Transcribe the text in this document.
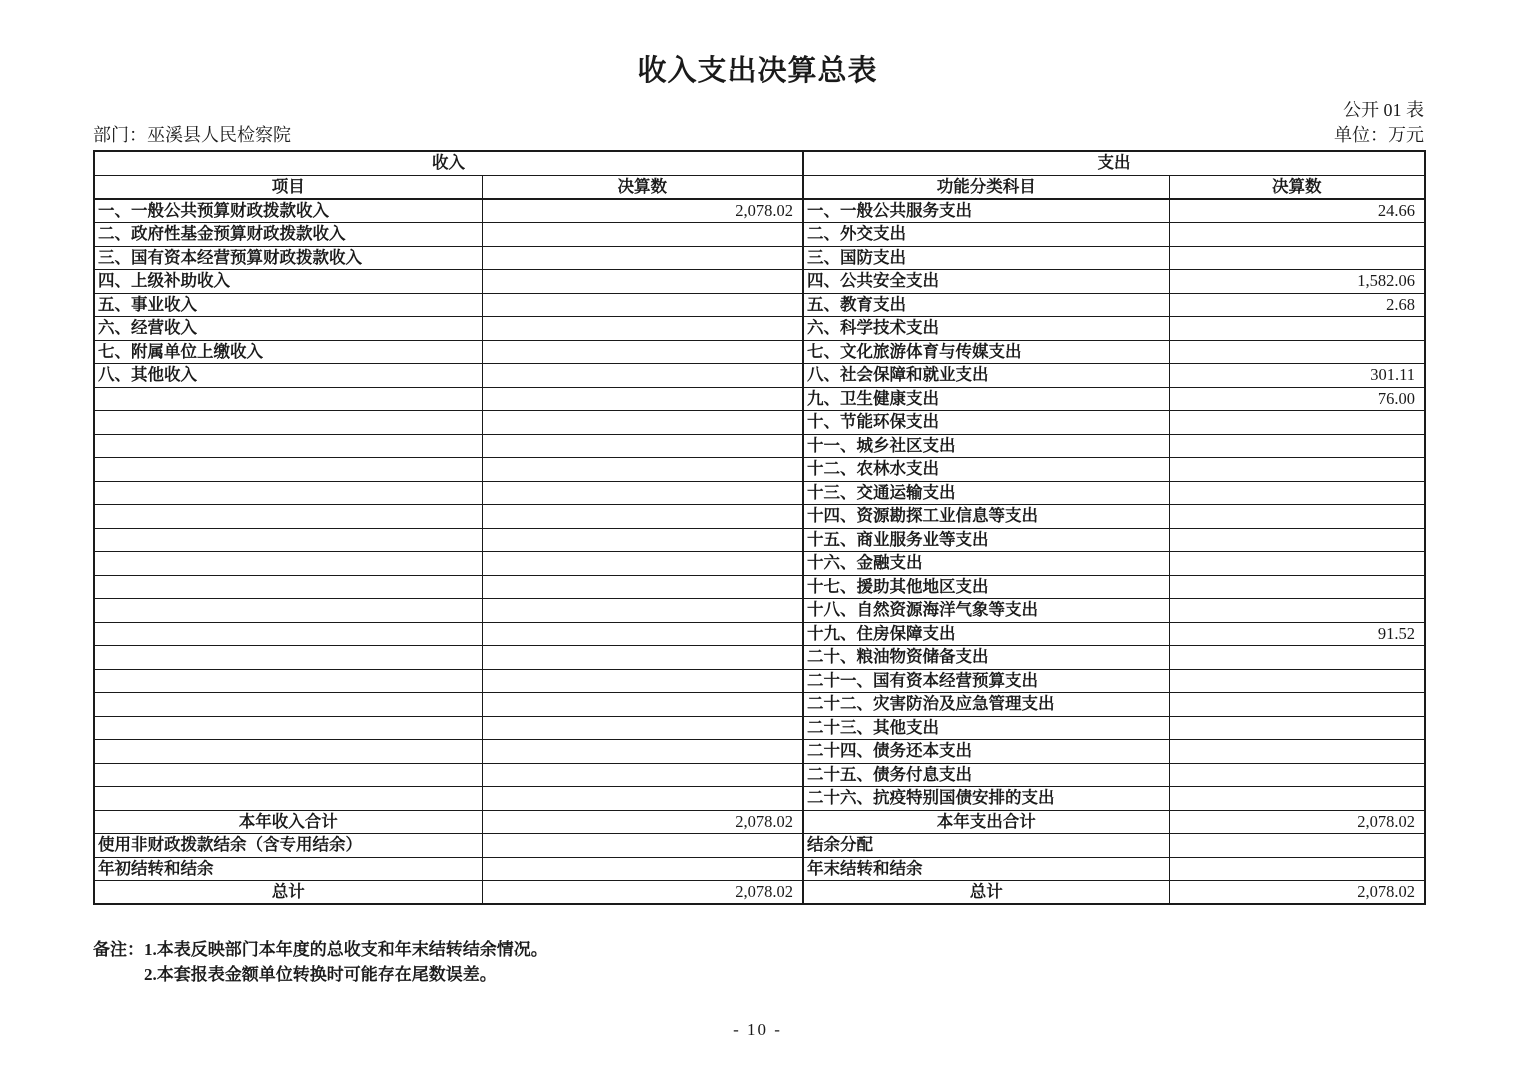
收入支出决算总表
公开 01 表
部门：巫溪县人民检察院	单位：万元
收入		支出	
项目	决算数	功能分类科目	决算数
一、一般公共预算财政拨款收入	2,078.02	一、一般公共服务支出	24.66
二、政府性基金预算财政拨款收入		二、外交支出	
三、国有资本经营预算财政拨款收入		三、国防支出	
四、上级补助收入		四、公共安全支出	1,582.06
五、事业收入		五、教育支出	2.68
六、经营收入		六、科学技术支出	
七、附属单位上缴收入		七、文化旅游体育与传媒支出	
八、其他收入		八、社会保障和就业支出	301.11
		九、卫生健康支出	76.00
		十、节能环保支出	
		十一、城乡社区支出	
		十二、农林水支出	
		十三、交通运输支出	
		十四、资源勘探工业信息等支出	
		十五、商业服务业等支出	
		十六、金融支出	
		十七、援助其他地区支出	
		十八、自然资源海洋气象等支出	
		十九、住房保障支出	91.52
		二十、粮油物资储备支出	
		二十一、国有资本经营预算支出	
		二十二、灾害防治及应急管理支出	
		二十三、其他支出	
		二十四、债务还本支出	
		二十五、债务付息支出	
		二十六、抗疫特别国债安排的支出	
本年收入合计	2,078.02	本年支出合计	2,078.02
使用非财政拨款结余（含专用结余）		结余分配	
年初结转和结余		年末结转和结余	
总计	2,078.02	总计	2,078.02
备注： 1.本表反映部门本年度的总收支和年末结转结余情况。
2.本套报表金额单位转换时可能存在尾数误差。
- 10 -
